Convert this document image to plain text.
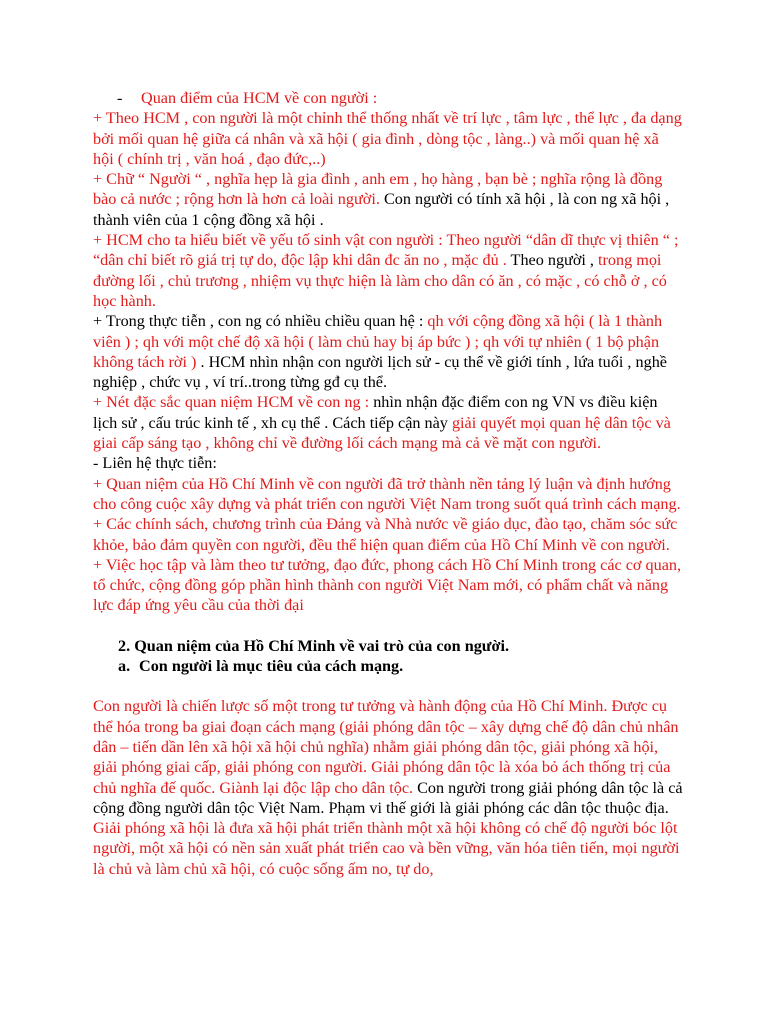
- Quan điểm của HCM về con người :

+ Theo HCM , con người là một chỉnh thể thống nhất về trí lực , tâm lực , thể lực , đa dạng bởi mối quan hệ giữa cá nhân và xã hội ( gia đình , dòng tộc , làng..) và mối quan hệ xã hội ( chính trị , văn hoá , đạo đức,..)

+ Chữ “ Người “ , nghĩa hẹp là gia đình , anh em , họ hàng , bạn bè ; nghĩa rộng là đồng bào cả nước ; rộng hơn là hơn cả loài người. Con người có tính xã hội , là con ng xã hội , thành viên của 1 cộng đồng xã hội .

+ HCM cho ta hiểu biết về yếu tố sinh vật con người : Theo người “dân dĩ thực vị thiên “ ; “dân chỉ biết rõ giá trị tự do, độc lập khi dân đc ăn no , mặc đủ . Theo người , trong mọi đường lối , chủ trương , nhiệm vụ thực hiện là làm cho dân có ăn , có mặc , có chỗ ở , có học hành.

+ Trong thực tiễn , con ng có nhiều chiều quan hệ : qh với cộng đồng xã hội ( là 1 thành viên ) ; qh với một chế độ xã hội ( làm chủ hay bị áp bức ) ; qh với tự nhiên ( 1 bộ phận không tách rời ) . HCM nhìn nhận con người lịch sử - cụ thể về giới tính , lứa tuổi , nghề nghiệp , chức vụ , ví trí..trong từng gđ cụ thể.

+ Nét đặc sắc quan niệm HCM về con ng : nhìn nhận đặc điểm con ng VN vs điều kiện lịch sử , cấu trúc kinh tế , xh cụ thể . Cách tiếp cận này giải quyết mọi quan hệ dân tộc và giai cấp sáng tạo , không chỉ về đường lối cách mạng mà cả về mặt con người.

- Liên hệ thực tiễn:

+ Quan niệm của Hồ Chí Minh về con người đã trở thành nền tảng lý luận và định hướng cho công cuộc xây dựng và phát triển con người Việt Nam trong suốt quá trình cách mạng.

+ Các chính sách, chương trình của Đảng và Nhà nước về giáo dục, đào tạo, chăm sóc sức khỏe, bảo đảm quyền con người, đều thể hiện quan điểm của Hồ Chí Minh về con người.

+ Việc học tập và làm theo tư tưởng, đạo đức, phong cách Hồ Chí Minh trong các cơ quan, tổ chức, cộng đồng góp phần hình thành con người Việt Nam mới, có phẩm chất và năng lực đáp ứng yêu cầu của thời đại

2. Quan niệm của Hồ Chí Minh về vai trò của con người.

a. Con người là mục tiêu của cách mạng.

Con người là chiến lược số một trong tư tưởng và hành động của Hồ Chí Minh. Được cụ thể hóa trong ba giai đoạn cách mạng (giải phóng dân tộc – xây dựng chế độ dân chủ nhân dân – tiến dần lên xã hội xã hội chủ nghĩa) nhằm giải phóng dân tộc, giải phóng xã hội, giải phóng giai cấp, giải phóng con người. Giải phóng dân tộc là xóa bỏ ách thống trị của chủ nghĩa đế quốc. Giành lại độc lập cho dân tộc. Con người trong giải phóng dân tộc là cả cộng đồng người dân tộc Việt Nam. Phạm vi thế giới là giải phóng các dân tộc thuộc địa.

Giải phóng xã hội là đưa xã hội phát triển thành một xã hội không có chế độ người bóc lột người, một xã hội có nền sản xuất phát triển cao và bền vững, văn hóa tiên tiến, mọi người là chủ và làm chủ xã hội, có cuộc sống ấm no, tự do,
